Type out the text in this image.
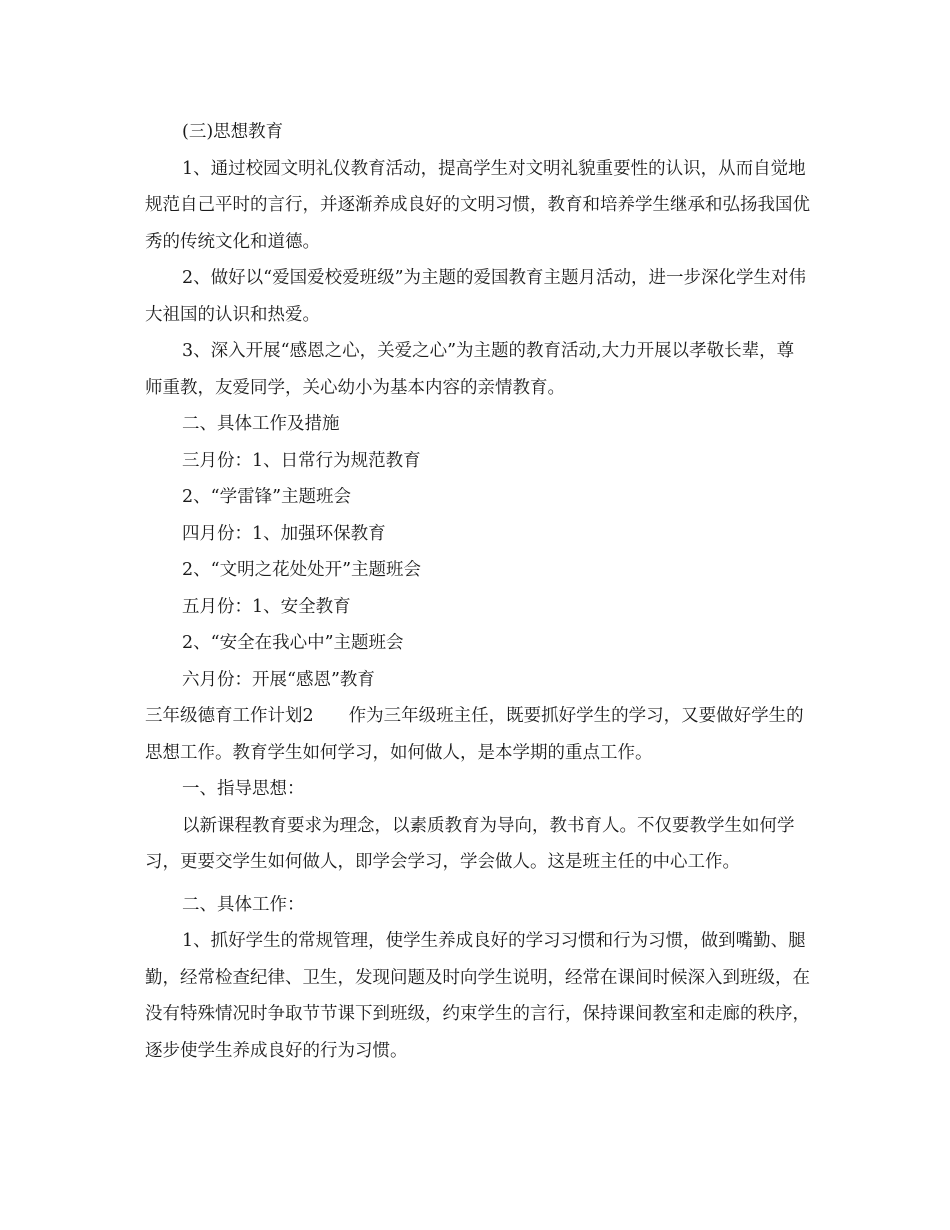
(三)思想教育

1、通过校园文明礼仪教育活动，提高学生对文明礼貌重要性的认识，从而自觉地规范自己平时的言行，并逐渐养成良好的文明习惯，教育和培养学生继承和弘扬我国优秀的传统文化和道德。

2、做好以“爱国爱校爱班级”为主题的爱国教育主题月活动，进一步深化学生对伟大祖国的认识和热爱。

3、深入开展“感恩之心，关爱之心”为主题的教育活动,大力开展以孝敬长辈，尊师重教，友爱同学，关心幼小为基本内容的亲情教育。

二、具体工作及措施

三月份：1、日常行为规范教育

2、“学雷锋”主题班会

四月份：1、加强环保教育

2、“文明之花处处开”主题班会

五月份：1、安全教育

2、“安全在我心中”主题班会

六月份：开展“感恩”教育

三年级德育工作计划2　　作为三年级班主任，既要抓好学生的学习，又要做好学生的思想工作。教育学生如何学习，如何做人，是本学期的重点工作。

一、指导思想：

以新课程教育要求为理念，以素质教育为导向，教书育人。不仅要教学生如何学习，更要交学生如何做人，即学会学习，学会做人。这是班主任的中心工作。

二、具体工作：

1、抓好学生的常规管理，使学生养成良好的学习习惯和行为习惯，做到嘴勤、腿勤，经常检查纪律、卫生，发现问题及时向学生说明，经常在课间时候深入到班级，在没有特殊情况时争取节节课下到班级，约束学生的言行，保持课间教室和走廊的秩序，逐步使学生养成良好的行为习惯。
